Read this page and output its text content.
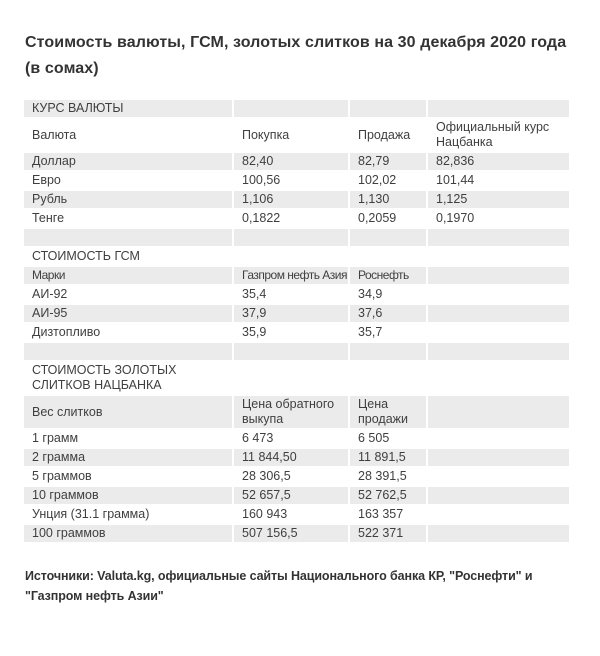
Стоимость валюты, ГСМ, золотых слитков на 30 декабря 2020 года (в сомах)
КУРС ВАЛЮТЫ			
Валюта	Покупка	Продажа	Официальный курс Нацбанка
Доллар	82,40	82,79	82,836
Евро	100,56	102,02	101,44
Рубль	1,106	1,130	1,125
Тенге	0,1822	0,2059	0,1970

СТОИМОСТЬ ГСМ			
Марки	Газпром нефть Азия	Роснефть	
АИ-92	35,4	34,9	
АИ-95	37,9	37,6	
Дизтопливо	35,9	35,7	

СТОИМОСТЬ ЗОЛОТЫХ СЛИТКОВ НАЦБАНКА			
Вес слитков	Цена обратного выкупа	Цена продажи	
1 грамм	6 473	6 505	
2 грамма	11 844,50	11 891,5	
5 граммов	28 306,5	28 391,5	
10 граммов	52 657,5	52 762,5	
Унция (31.1 грамма)	160 943	163 357	
100 граммов	507 156,5	522 371	

Источники: Valuta.kg, официальные сайты Национального банка КР, "Роснефти" и "Газпром нефть Азии"
